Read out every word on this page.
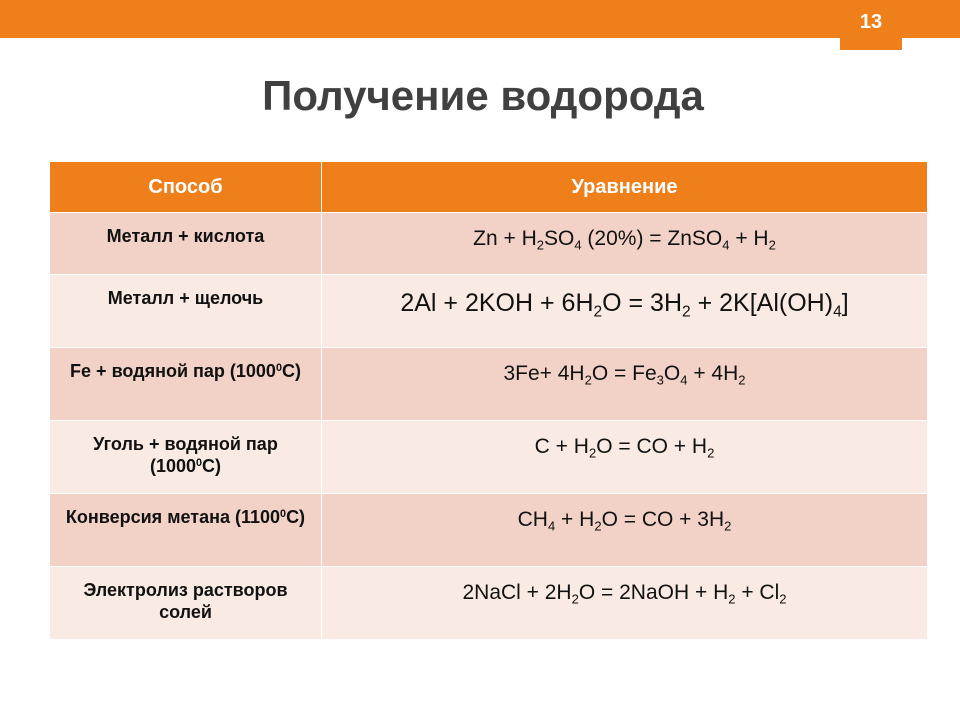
13
Получение водорода
Способ	Уравнение
Металл + кислота	$Zn + H_2SO_4$ (20%) = ZnSO$_4$ + $H_2$
Металл + щелочь	$2Al + 2KOH + 6H_2O = 3H_2 + 2K[Al(OH)_4]$
Fe + водяной пар (1000$^0$C)	$3Fe+ 4H_2O = Fe_3O_4 + 4H_2$
Уголь + водяной пар (1000$^0$C)	$C + H_2O$ = CO + $H_2$
Конверсия метана (1100$^0$C)	$CH_4 + H_2O$ = CO + $3H_2$
Электролиз растворов солей	2NaCl + $2H_2O$ = 2NaOH + $H_2 + Cl_2$
